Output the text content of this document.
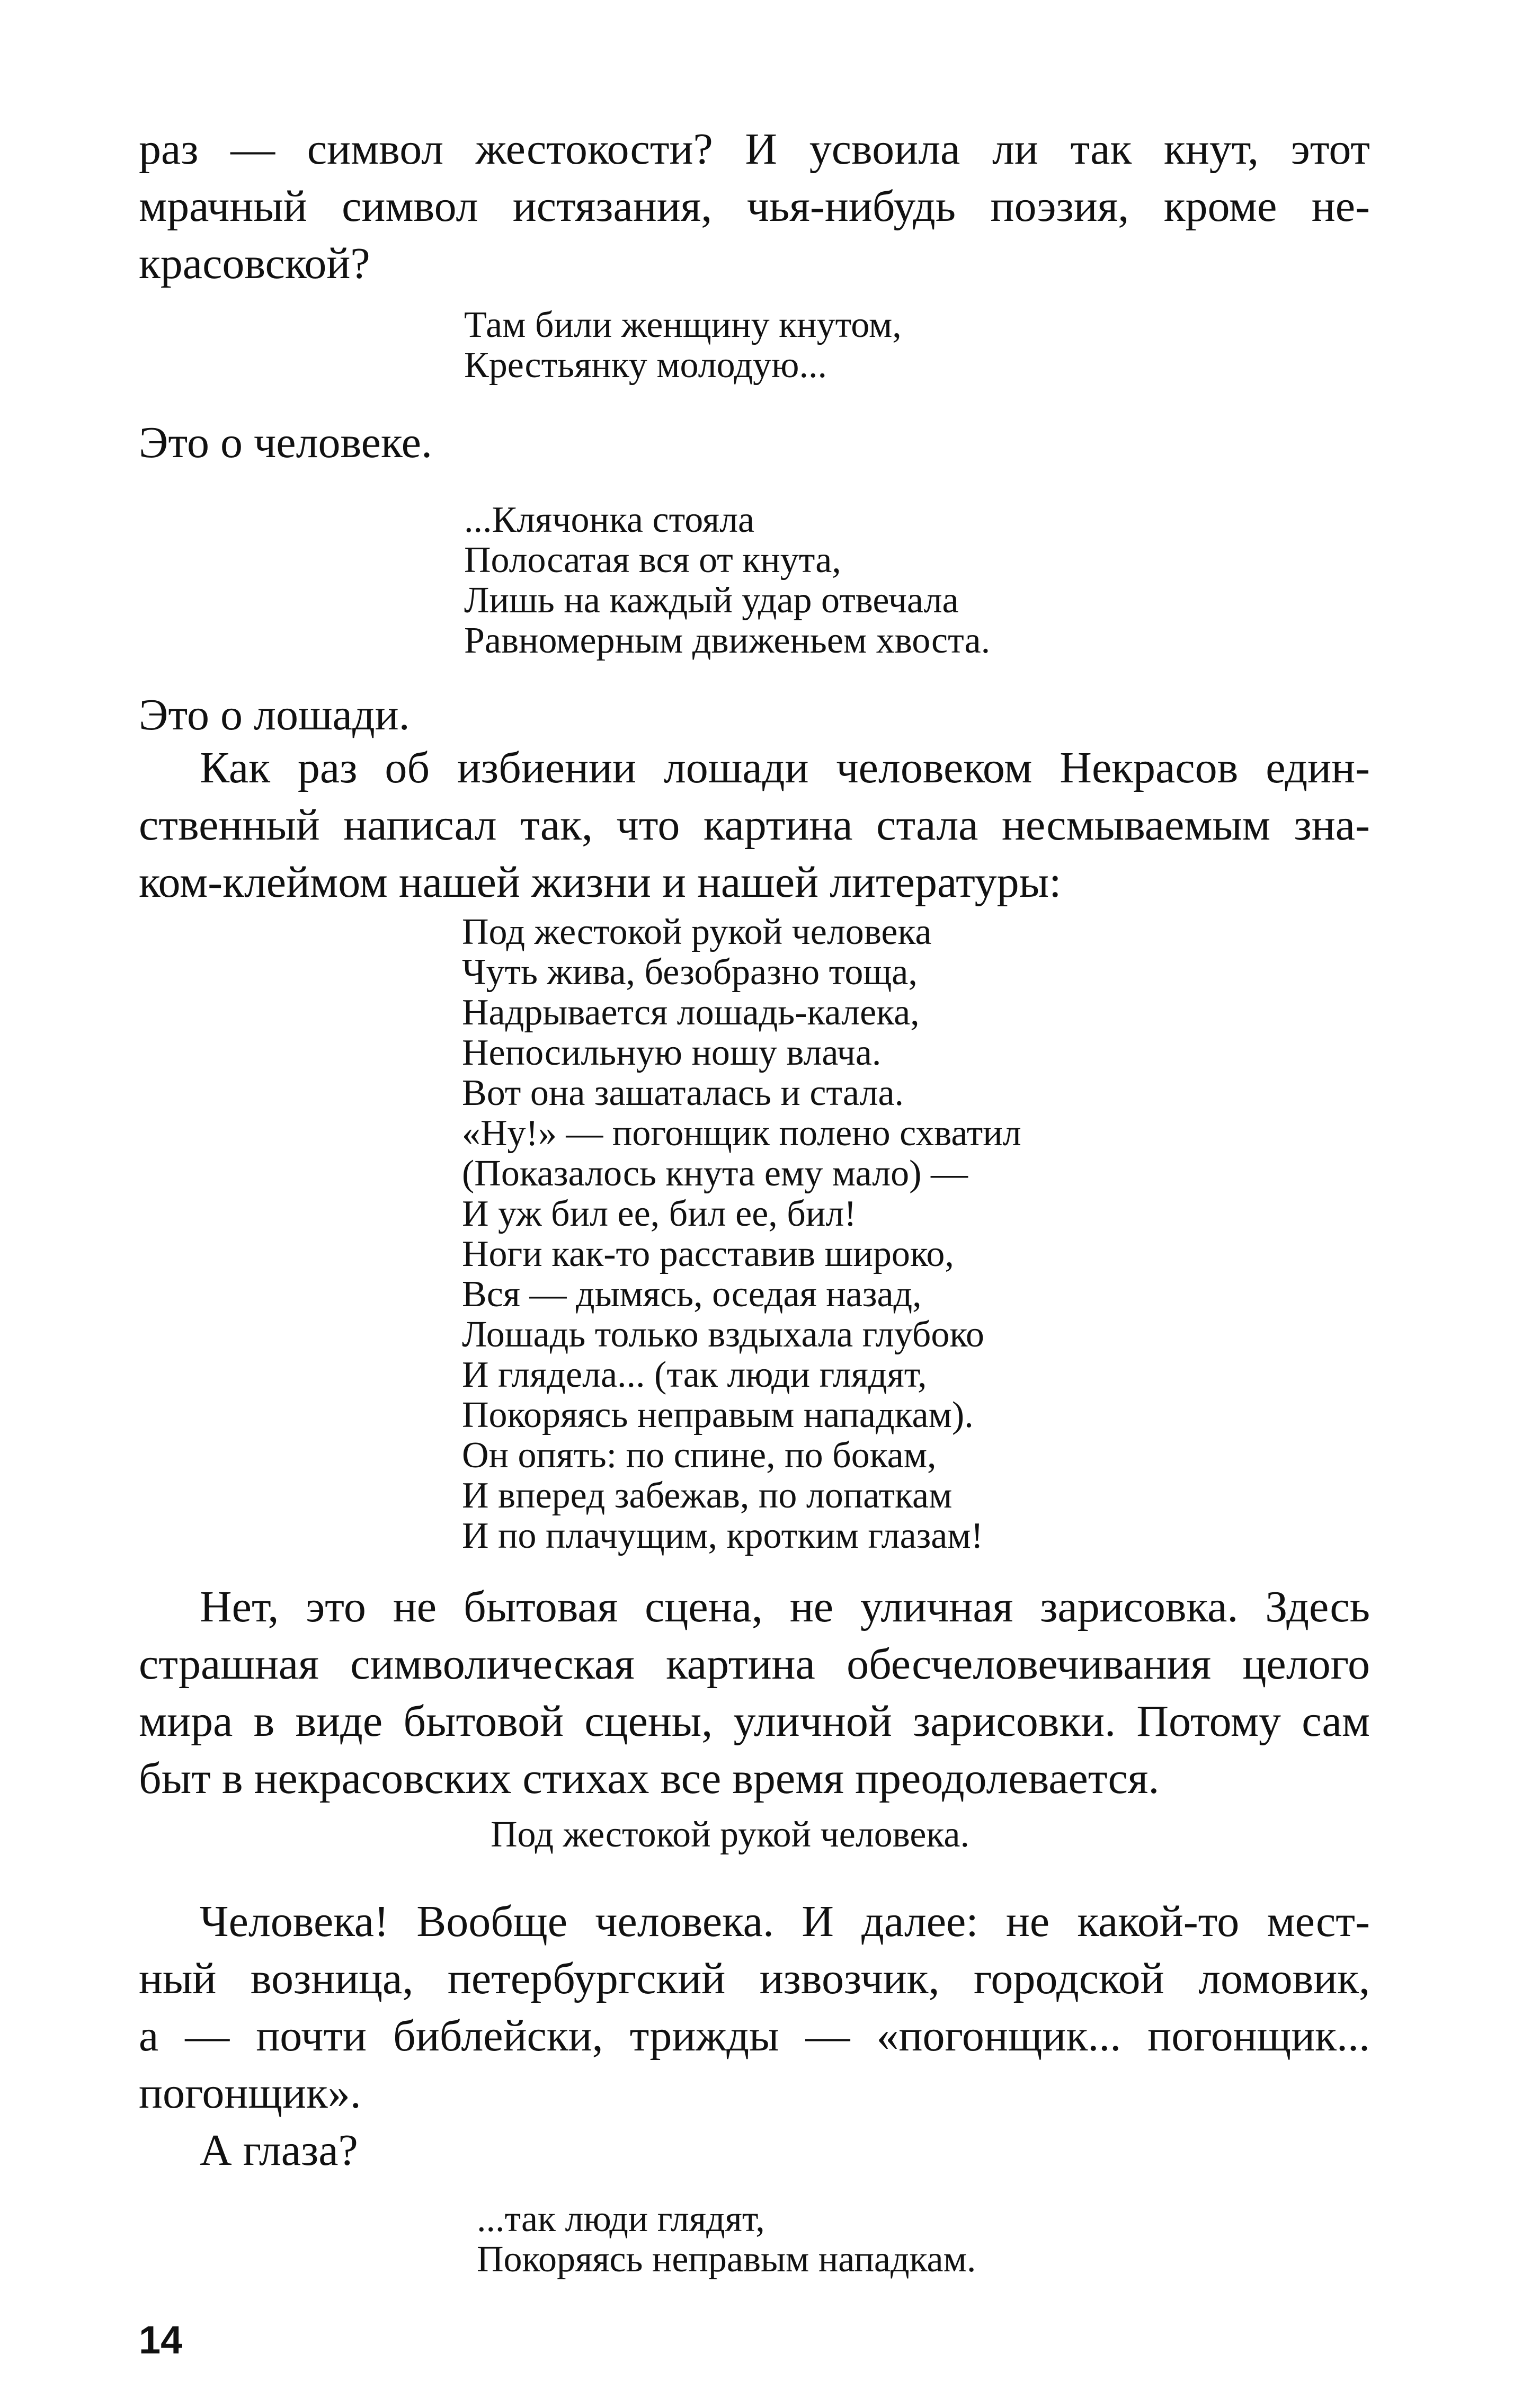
раз — символ жестокости? И усвоила ли так кнут, этот
мрачный символ истязания, чья-нибудь поэзия, кроме не-
красовской?
Там били женщину кнутом,
Крестьянку молодую...
Это о человеке.
...Клячонка стояла
Полосатая вся от кнута,
Лишь на каждый удар отвечала
Равномерным движеньем хвоста.
Это о лошади.
Как раз об избиении лошади человеком Некрасов един-
ственный написал так, что картина стала несмываемым зна-
ком-клеймом нашей жизни и нашей литературы:
Под жестокой рукой человека
Чуть жива, безобразно тоща,
Надрывается лошадь-калека,
Непосильную ношу влача.
Вот она зашаталась и стала.
«Ну!» — погонщик полено схватил
(Показалось кнута ему мало) —
И уж бил ее, бил ее, бил!
Ноги как-то расставив широко,
Вся — дымясь, оседая назад,
Лошадь только вздыхала глубоко
И глядела... (так люди глядят,
Покоряясь неправым нападкам).
Он опять: по спине, по бокам,
И вперед забежав, по лопаткам
И по плачущим, кротким глазам!
Нет, это не бытовая сцена, не уличная зарисовка. Здесь
страшная символическая картина обесчеловечивания целого
мира в виде бытовой сцены, уличной зарисовки. Потому сам
быт в некрасовских стихах все время преодолевается.
Под жестокой рукой человека.
Человека! Вообще человека. И далее: не какой-то мест-
ный возница, петербургский извозчик, городской ломовик,
а — почти библейски, трижды — «погонщик... погонщик...
погонщик».
А глаза?
...так люди глядят,
Покоряясь неправым нападкам.
14
